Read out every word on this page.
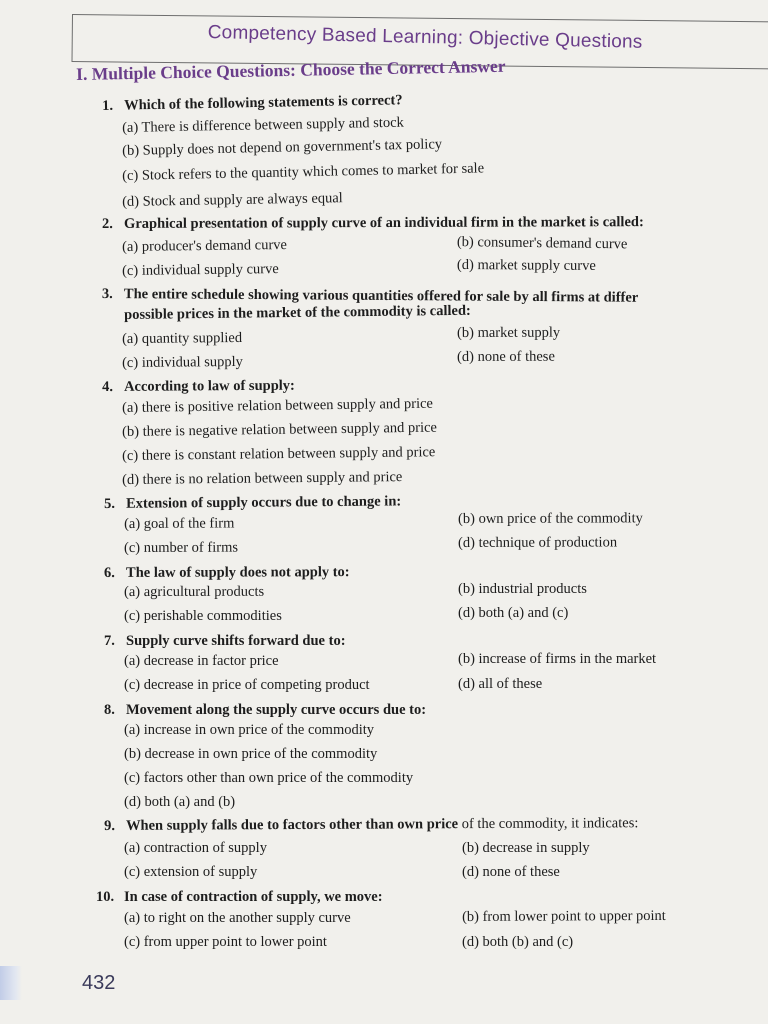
Competency Based Learning: Objective Questions
I. Multiple Choice Questions: Choose the Correct Answer
1. Which of the following statements is correct?
(a) There is difference between supply and stock
(b) Supply does not depend on government's tax policy
(c) Stock refers to the quantity which comes to market for sale
(d) Stock and supply are always equal
2. Graphical presentation of supply curve of an individual firm in the market is called:
(a) producer's demand curve	(b) consumer's demand curve
(c) individual supply curve	(d) market supply curve
3. The entire schedule showing various quantities offered for sale by all firms at differ
possible prices in the market of the commodity is called:
(a) quantity supplied	(b) market supply
(c) individual supply	(d) none of these
4. According to law of supply:
(a) there is positive relation between supply and price
(b) there is negative relation between supply and price
(c) there is constant relation between supply and price
(d) there is no relation between supply and price
5. Extension of supply occurs due to change in:
(a) goal of the firm	(b) own price of the commodity
(c) number of firms	(d) technique of production
6. The law of supply does not apply to:
(a) agricultural products	(b) industrial products
(c) perishable commodities	(d) both (a) and (c)
7. Supply curve shifts forward due to:
(a) decrease in factor price	(b) increase of firms in the market
(c) decrease in price of competing product	(d) all of these
8. Movement along the supply curve occurs due to:
(a) increase in own price of the commodity
(b) decrease in own price of the commodity
(c) factors other than own price of the commodity
(d) both (a) and (b)
9. When supply falls due to factors other than own price of the commodity, it indicates:
(a) contraction of supply	(b) decrease in supply
(c) extension of supply	(d) none of these
10. In case of contraction of supply, we move:
(a) to right on the another supply curve	(b) from lower point to upper point
(c) from upper point to lower point	(d) both (b) and (c)
432
